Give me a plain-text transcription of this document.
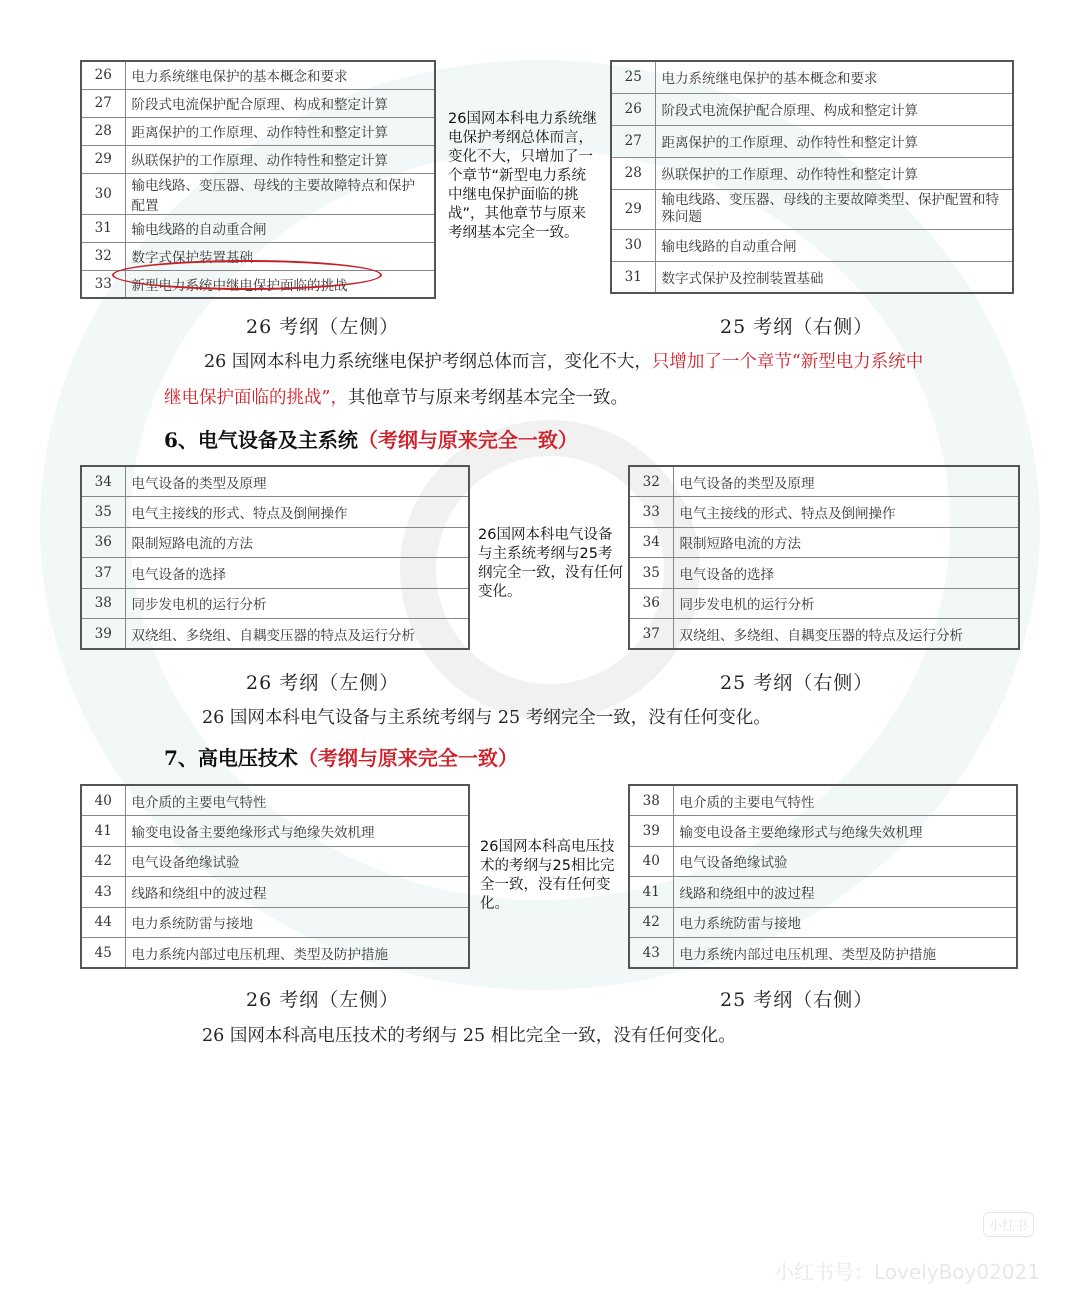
26	电力系统继电保护的基本概念和要求
27	阶段式电流保护配合原理、构成和整定计算
28	距离保护的工作原理、动作特性和整定计算
29	纵联保护的工作原理、动作特性和整定计算
30	输电线路、变压器、母线的主要故障特点和保护配置
31	输电线路的自动重合闸
32	数字式保护装置基础
33	新型电力系统中继电保护面临的挑战
26国网本科电力系统继电保护考纲总体而言，变化不大，只增加了一个章节“新型电力系统中继电保护面临的挑战”，其他章节与原来考纲基本完全一致。
25	电力系统继电保护的基本概念和要求
26	阶段式电流保护配合原理、构成和整定计算
27	距离保护的工作原理、动作特性和整定计算
28	纵联保护的工作原理、动作特性和整定计算
29	输电线路、变压器、母线的主要故障类型、保护配置和特殊问题
30	输电线路的自动重合闸
31	数字式保护及控制装置基础
26 考纲（左侧）	25 考纲（右侧）
26 国网本科电力系统继电保护考纲总体而言，变化不大，只增加了一个章节“新型电力系统中继电保护面临的挑战”，其他章节与原来考纲基本完全一致。
6、电气设备及主系统（考纲与原来完全一致）
34	电气设备的类型及原理
35	电气主接线的形式、特点及倒闸操作
36	限制短路电流的方法
37	电气设备的选择
38	同步发电机的运行分析
39	双绕组、多绕组、自耦变压器的特点及运行分析
26国网本科电气设备与主系统考纲与25考纲完全一致，没有任何变化。
32	电气设备的类型及原理
33	电气主接线的形式、特点及倒闸操作
34	限制短路电流的方法
35	电气设备的选择
36	同步发电机的运行分析
37	双绕组、多绕组、自耦变压器的特点及运行分析
26 考纲（左侧）	25 考纲（右侧）
26 国网本科电气设备与主系统考纲与 25 考纲完全一致，没有任何变化。
7、高电压技术（考纲与原来完全一致）
40	电介质的主要电气特性
41	输变电设备主要绝缘形式与绝缘失效机理
42	电气设备绝缘试验
43	线路和绕组中的波过程
44	电力系统防雷与接地
45	电力系统内部过电压机理、类型及防护措施
26国网本科高电压技术的考纲与25相比完全一致，没有任何变化。
38	电介质的主要电气特性
39	输变电设备主要绝缘形式与绝缘失效机理
40	电气设备绝缘试验
41	线路和绕组中的波过程
42	电力系统防雷与接地
43	电力系统内部过电压机理、类型及防护措施
26 考纲（左侧）	25 考纲（右侧）
26 国网本科高电压技术的考纲与 25 相比完全一致，没有任何变化。
小红书
小红书号：LovelyBoy02021
